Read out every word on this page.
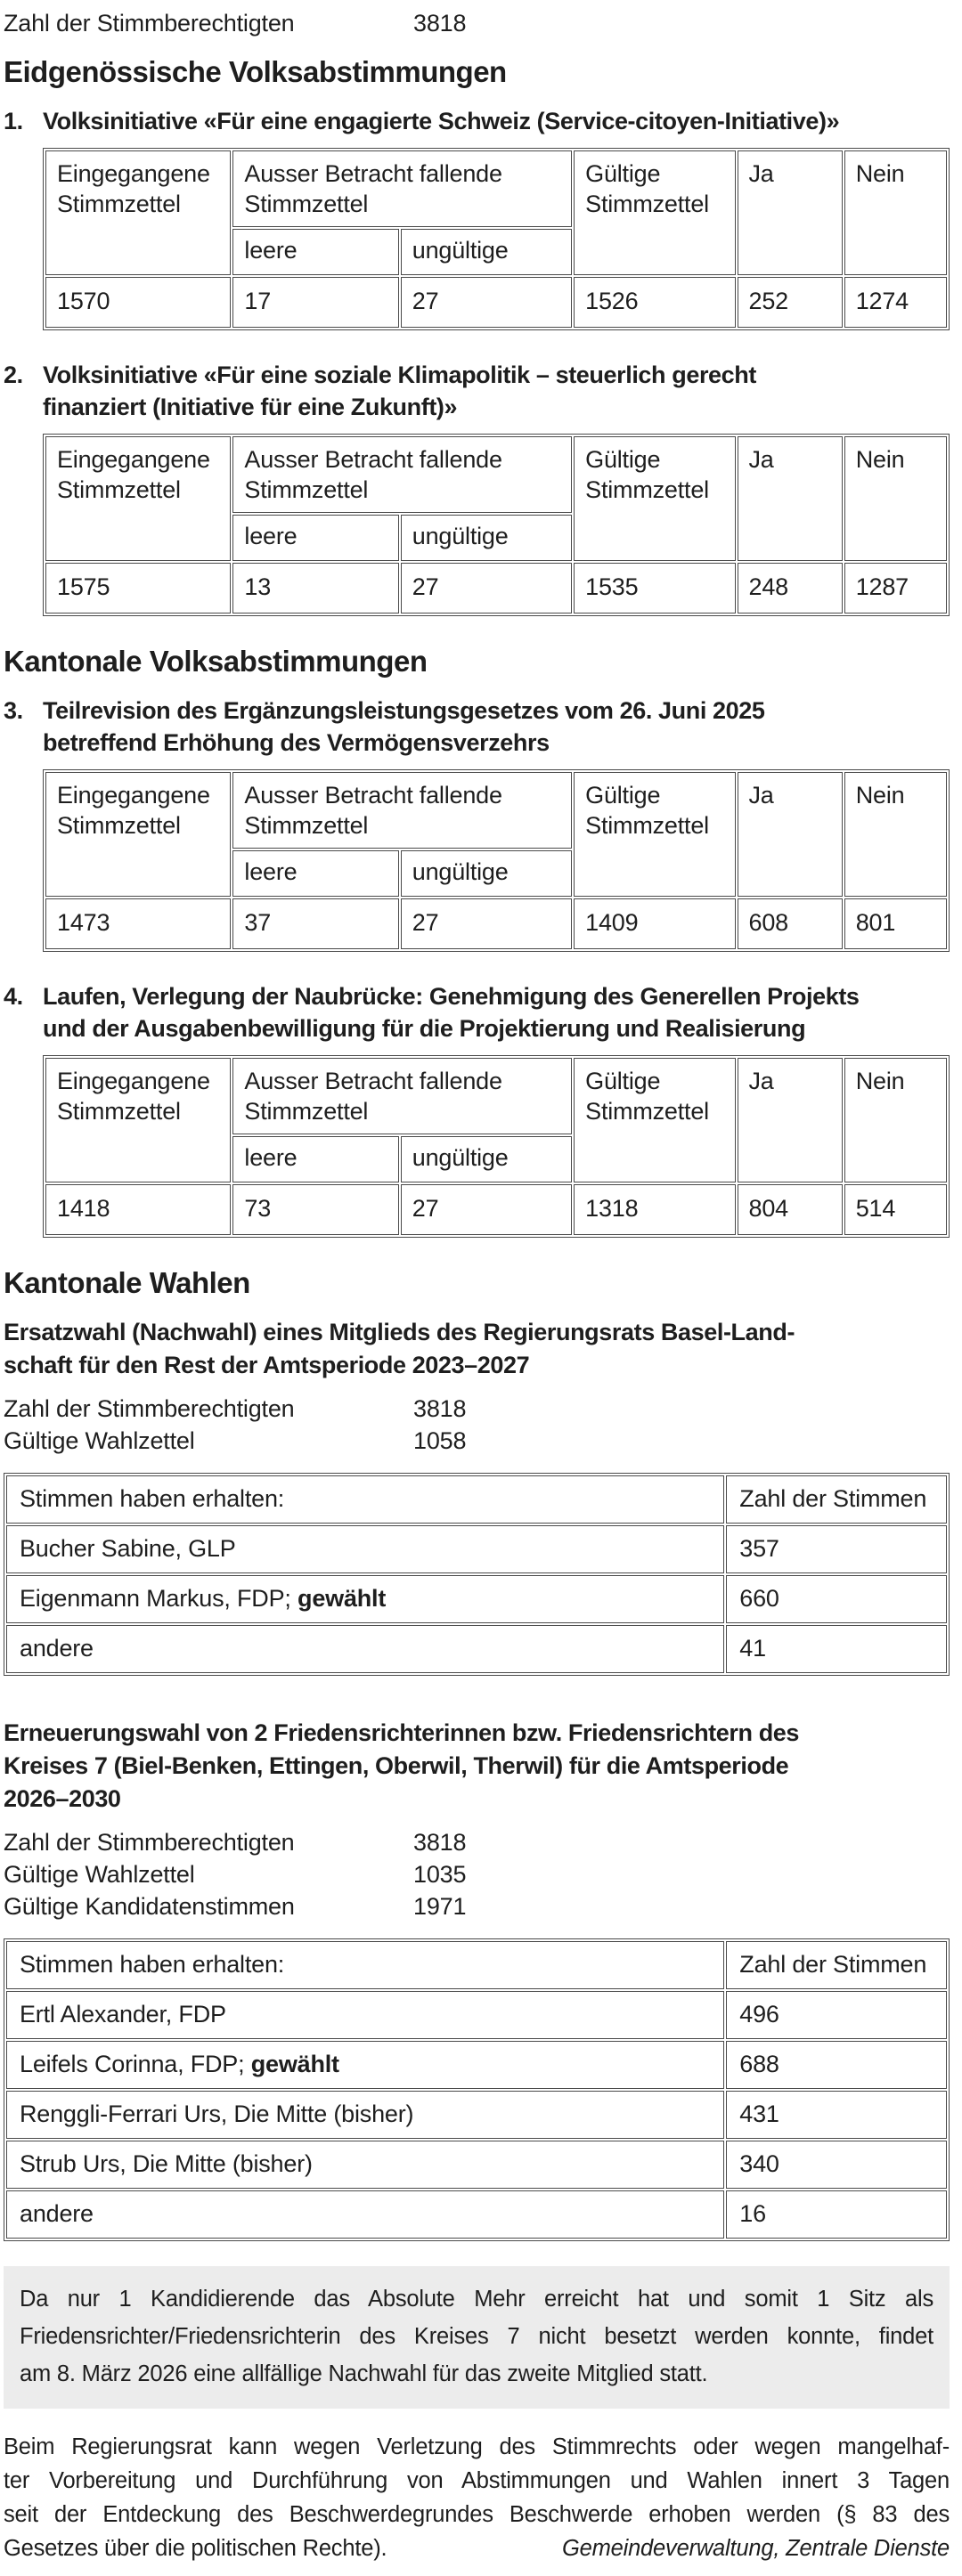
Zahl der Stimmberechtigten	3818
Eidgenössische Volksabstimmungen
1. Volksinitiative «Für eine engagierte Schweiz (Service-citoyen-Initiative)»
Eingegangene Stimmzettel	Ausser Betracht fallende Stimmzettel		Gültige Stimmzettel	Ja	Nein
	leere	ungültige			
1570	17	27	1526	252	1274
2. Volksinitiative «Für eine soziale Klimapolitik – steuerlich gerecht
finanziert (Initiative für eine Zukunft)»
Eingegangene Stimmzettel	Ausser Betracht fallende Stimmzettel		Gültige Stimmzettel	Ja	Nein
	leere	ungültige			
1575	13	27	1535	248	1287
Kantonale Volksabstimmungen
3. Teilrevision des Ergänzungsleistungsgesetzes vom 26. Juni 2025
betreffend Erhöhung des Vermögensverzehrs
Eingegangene Stimmzettel	Ausser Betracht fallende Stimmzettel		Gültige Stimmzettel	Ja	Nein
	leere	ungültige			
1473	37	27	1409	608	801
4. Laufen, Verlegung der Naubrücke: Genehmigung des Generellen Projekts
und der Ausgabenbewilligung für die Projektierung und Realisierung
Eingegangene Stimmzettel	Ausser Betracht fallende Stimmzettel		Gültige Stimmzettel	Ja	Nein
	leere	ungültige			
1418	73	27	1318	804	514
Kantonale Wahlen
Ersatzwahl (Nachwahl) eines Mitglieds des Regierungsrats Basel-Land-
schaft für den Rest der Amtsperiode 2023–2027
Zahl der Stimmberechtigten	3818
Gültige Wahlzettel	1058
Stimmen haben erhalten:	Zahl der Stimmen
Bucher Sabine, GLP	357
Eigenmann Markus, FDP; gewählt	660
andere	41
Erneuerungswahl von 2 Friedensrichterinnen bzw. Friedensrichtern des
Kreises 7 (Biel-Benken, Ettingen, Oberwil, Therwil) für die Amtsperiode
2026–2030
Zahl der Stimmberechtigten	3818
Gültige Wahlzettel	1035
Gültige Kandidatenstimmen	1971
Stimmen haben erhalten:	Zahl der Stimmen
Ertl Alexander, FDP	496
Leifels Corinna, FDP; gewählt	688
Renggli-Ferrari Urs, Die Mitte (bisher)	431
Strub Urs, Die Mitte (bisher)	340
andere	16
Da nur 1 Kandidierende das Absolute Mehr erreicht hat und somit 1 Sitz als
Friedensrichter/Friedensrichterin des Kreises 7 nicht besetzt werden konnte, findet
am 8. März 2026 eine allfällige Nachwahl für das zweite Mitglied statt.
Beim Regierungsrat kann wegen Verletzung des Stimmrechts oder wegen mangelhaf-
ter Vorbereitung und Durchführung von Abstimmungen und Wahlen innert 3 Tagen
seit der Entdeckung des Beschwerdegrundes Beschwerde erhoben werden (§ 83 des
Gesetzes über die politischen Rechte).	Gemeindeverwaltung, Zentrale Dienste
